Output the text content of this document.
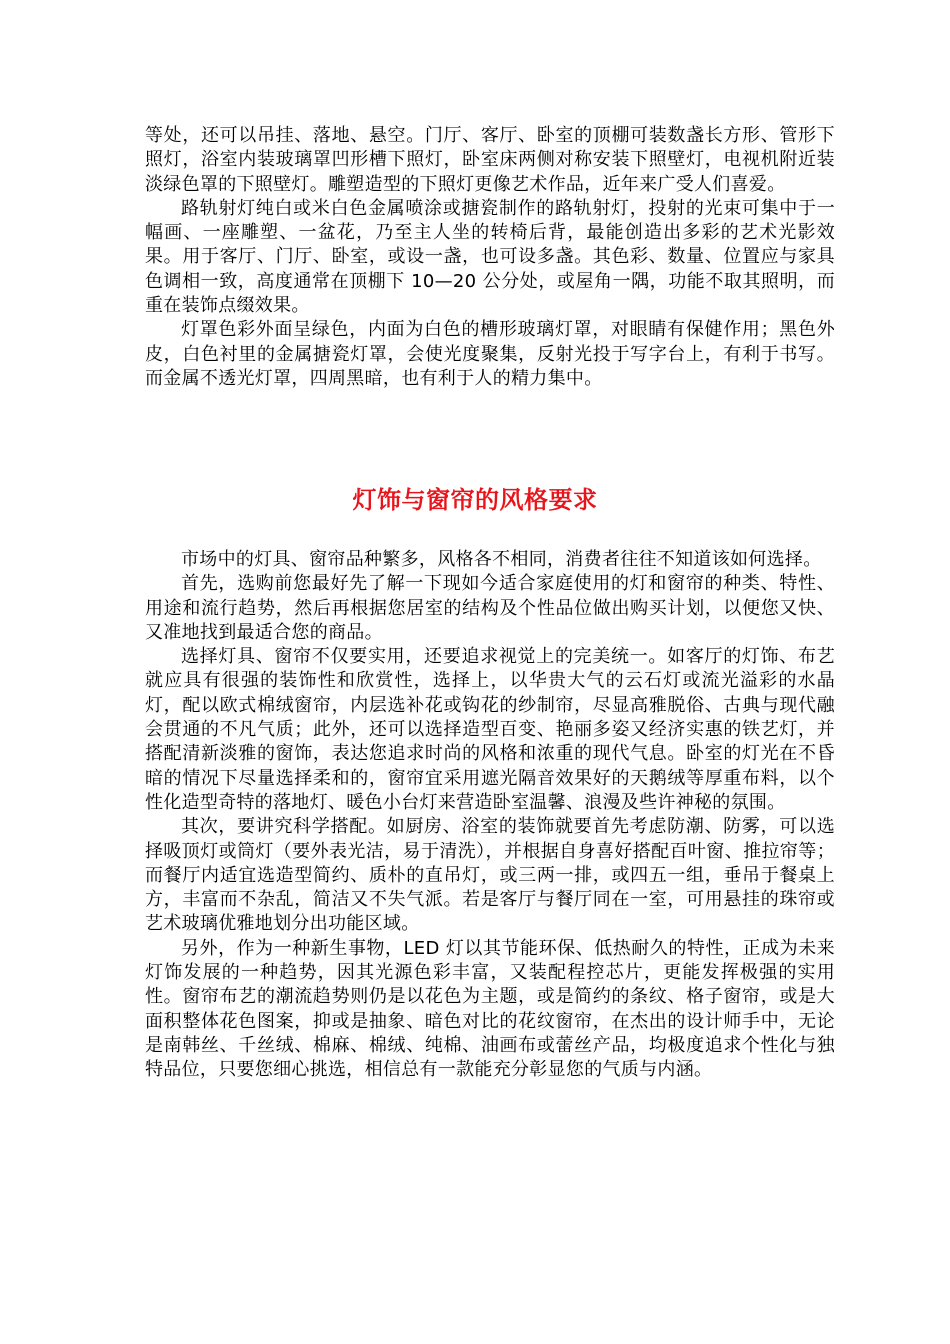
等处，还可以吊挂、落地、悬空。门厅、客厅、卧室的顶棚可装数盏长方形、管形下照灯，浴室内装玻璃罩凹形槽下照灯，卧室床两侧对称安装下照壁灯，电视机附近装淡绿色罩的下照壁灯。雕塑造型的下照灯更像艺术作品，近年来广受人们喜爱。

路轨射灯纯白或米白色金属喷涂或搪瓷制作的路轨射灯，投射的光束可集中于一幅画、一座雕塑、一盆花，乃至主人坐的转椅后背，最能创造出多彩的艺术光影效果。用于客厅、门厅、卧室，或设一盏，也可设多盏。其色彩、数量、位置应与家具色调相一致，高度通常在顶棚下 10—20 公分处，或屋角一隅，功能不取其照明，而重在装饰点缀效果。

灯罩色彩外面呈绿色，内面为白色的槽形玻璃灯罩，对眼睛有保健作用；黑色外皮，白色衬里的金属搪瓷灯罩，会使光度聚集，反射光投于写字台上，有利于书写。而金属不透光灯罩，四周黑暗，也有利于人的精力集中。

灯饰与窗帘的风格要求

市场中的灯具、窗帘品种繁多，风格各不相同，消费者往往不知道该如何选择。

首先，选购前您最好先了解一下现如今适合家庭使用的灯和窗帘的种类、特性、用途和流行趋势，然后再根据您居室的结构及个性品位做出购买计划，以便您又快、又准地找到最适合您的商品。

选择灯具、窗帘不仅要实用，还要追求视觉上的完美统一。如客厅的灯饰、布艺就应具有很强的装饰性和欣赏性，选择上，以华贵大气的云石灯或流光溢彩的水晶灯，配以欧式棉绒窗帘，内层选补花或钩花的纱制帘，尽显高雅脱俗、古典与现代融会贯通的不凡气质；此外，还可以选择造型百变、艳丽多姿又经济实惠的铁艺灯，并搭配清新淡雅的窗饰，表达您追求时尚的风格和浓重的现代气息。卧室的灯光在不昏暗的情况下尽量选择柔和的，窗帘宜采用遮光隔音效果好的天鹅绒等厚重布料，以个性化造型奇特的落地灯、暖色小台灯来营造卧室温馨、浪漫及些许神秘的氛围。

其次，要讲究科学搭配。如厨房、浴室的装饰就要首先考虑防潮、防雾，可以选择吸顶灯或筒灯（要外表光洁，易于清洗），并根据自身喜好搭配百叶窗、推拉帘等；而餐厅内适宜选造型简约、质朴的直吊灯，或三两一排，或四五一组，垂吊于餐桌上方，丰富而不杂乱，简洁又不失气派。若是客厅与餐厅同在一室，可用悬挂的珠帘或艺术玻璃优雅地划分出功能区域。

另外，作为一种新生事物，LED 灯以其节能环保、低热耐久的特性，正成为未来灯饰发展的一种趋势，因其光源色彩丰富，又装配程控芯片，更能发挥极强的实用性。窗帘布艺的潮流趋势则仍是以花色为主题，或是简约的条纹、格子窗帘，或是大面积整体花色图案，抑或是抽象、暗色对比的花纹窗帘，在杰出的设计师手中，无论是南韩丝、千丝绒、棉麻、棉绒、纯棉、油画布或蕾丝产品，均极度追求个性化与独特品位，只要您细心挑选，相信总有一款能充分彰显您的气质与内涵。
